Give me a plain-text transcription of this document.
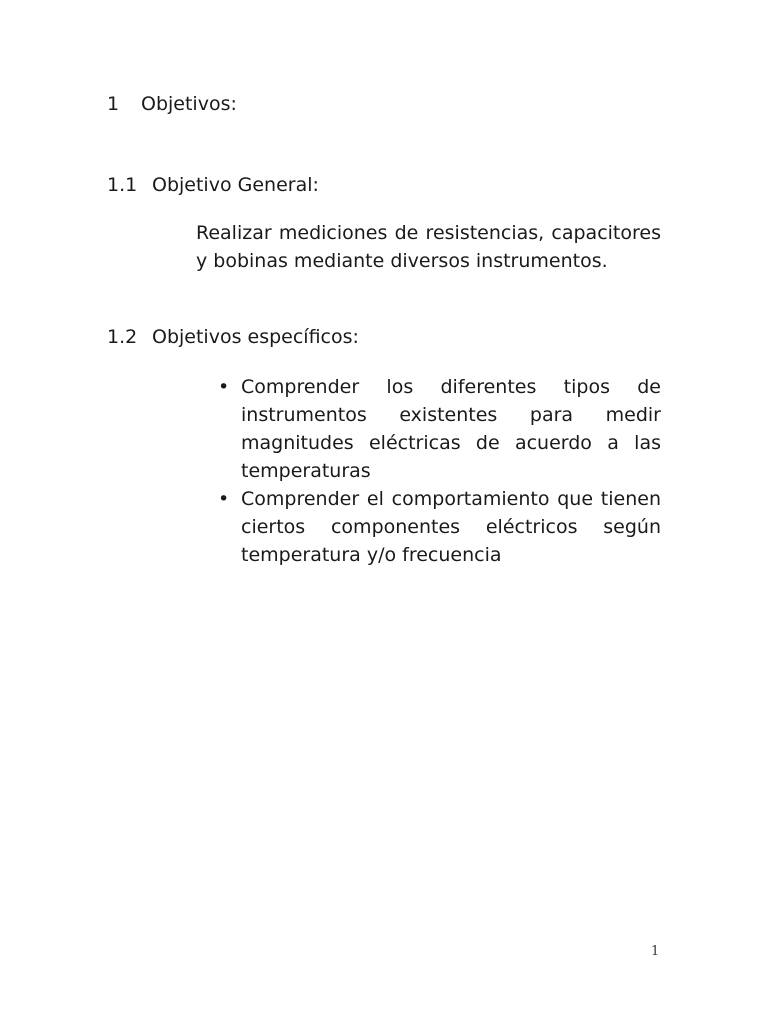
1 Objetivos:
1.1 Objetivo General:

Realizar mediciones de resistencias, capacitores y bobinas mediante diversos instrumentos.

1.2 Objetivos específicos:
• Comprender los diferentes tipos de instrumentos existentes para medir magnitudes eléctricas de acuerdo a las temperaturas
• Comprender el comportamiento que tienen ciertos componentes eléctricos según temperatura y/o frecuencia
1
